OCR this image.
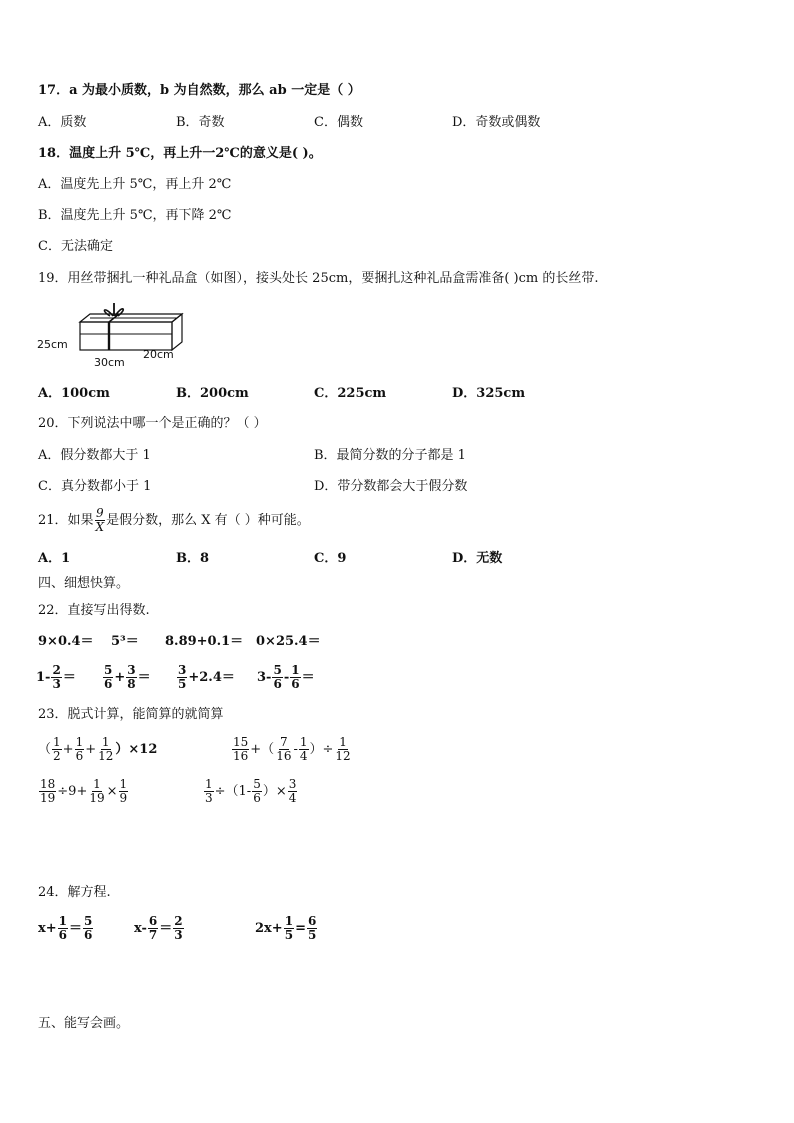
17．a 为最小质数，b 为自然数，那么 ab 一定是（ ）
A．质数	B．奇数	C．偶数	D．奇数或偶数
18．温度上升 5℃，再上升一2℃的意义是( )。
A．温度先上升 5℃，再上升 2℃
B．温度先上升 5℃，再下降 2℃
C．无法确定
19．用丝带捆扎一种礼品盒（如图），接头处长 25cm，要捆扎这种礼品盒需准备( )cm 的长丝带.
25cm
30cm
20cm
A．100cm	B．200cm	C．225cm	D．325cm
20．下列说法中哪一个是正确的？（ ）
A．假分数都大于 1	B．最简分数的分子都是 1
C．真分数都小于 1	D．带分数都会大于假分数
21．如果 $\frac{9}{X}$ 是假分数，那么 X 有（ ）种可能。
A．1	B．8	C．9	D．无数
四、细想快算。
22．直接写出得数.
9×0.4＝ 5³＝ 8.89+0.1＝ 0×25.4＝
$1- \frac{2}{3} = \frac{5}{6} + \frac{3}{8} = \frac{3}{5} +2.4= 3- \frac{5}{6} - \frac{1}{6}$ ＝
23．脱式计算，能简算的就简算
（ $\frac{1}{2} + \frac{1}{6} + \frac{1}{12} )\times 12$	$\frac{15}{16}$ +（ $\frac{7}{16} - \frac{1}{4}$ ）÷ $\frac{1}{12}$
$\frac{18}{19} \div 9+ \frac{1}{19} \times \frac{1}{9}$	$\frac{1}{3} \div(1- \frac{5}{6}$ ）× $\frac{3}{4}$
24．解方程.
$x+ \frac{1}{6} = \frac{5}{6}$	$x- \frac{6}{7} = \frac{2}{3}$	$2x+ \frac{1}{5} = \frac{6}{5}$
五、能写会画。
